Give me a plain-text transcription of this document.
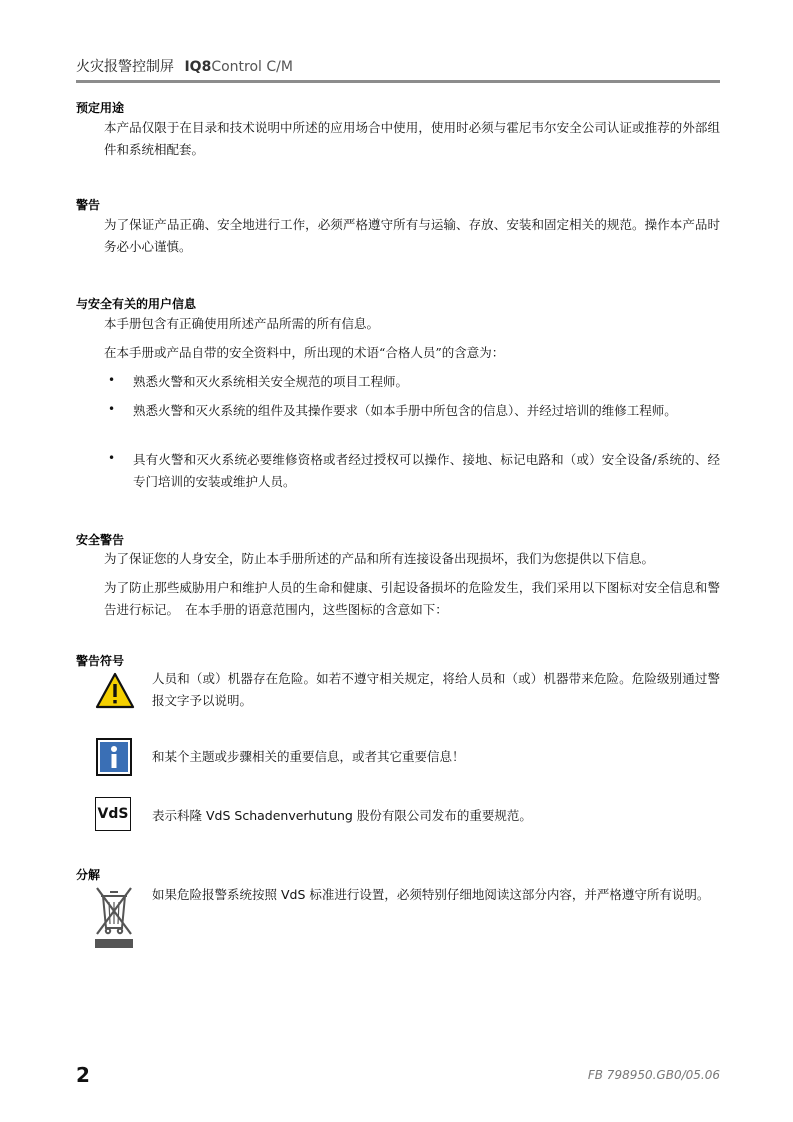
火灾报警控制屏 IQ8Control C/M
预定用途
本产品仅限于在目录和技术说明中所述的应用场合中使用，使用时必须与霍尼韦尔安全公司认证或推荐的外部组件和系统相配套。
警告
为了保证产品正确、安全地进行工作，必须严格遵守所有与运输、存放、安装和固定相关的规范。操作本产品时务必小心谨慎。
与安全有关的用户信息
本手册包含有正确使用所述产品所需的所有信息。
在本手册或产品自带的安全资料中，所出现的术语“合格人员”的含意为：
• 熟悉火警和灭火系统相关安全规范的项目工程师。
• 熟悉火警和灭火系统的组件及其操作要求（如本手册中所包含的信息）、并经过培训的维修工程师。
• 具有火警和灭火系统必要维修资格或者经过授权可以操作、接地、标记电路和（或）安全设备/系统的、经专门培训的安装或维护人员。
安全警告
为了保证您的人身安全，防止本手册所述的产品和所有连接设备出现损坏，我们为您提供以下信息。
为了防止那些威胁用户和维护人员的生命和健康、引起设备损坏的危险发生，我们采用以下图标对安全信息和警告进行标记。　在本手册的语意范围内，这些图标的含意如下：
警告符号
人员和（或）机器存在危险。如若不遵守相关规定，将给人员和（或）机器带来危险。危险级别通过警报文字予以说明。
和某个主题或步骤相关的重要信息，或者其它重要信息！
VdS 表示科隆 VdS Schadenverhutung 股份有限公司发布的重要规范。
分解
如果危险报警系统按照 VdS 标准进行设置，必须特别仔细地阅读这部分内容，并严格遵守所有说明。
2	FB 798950.GB0/05.06
